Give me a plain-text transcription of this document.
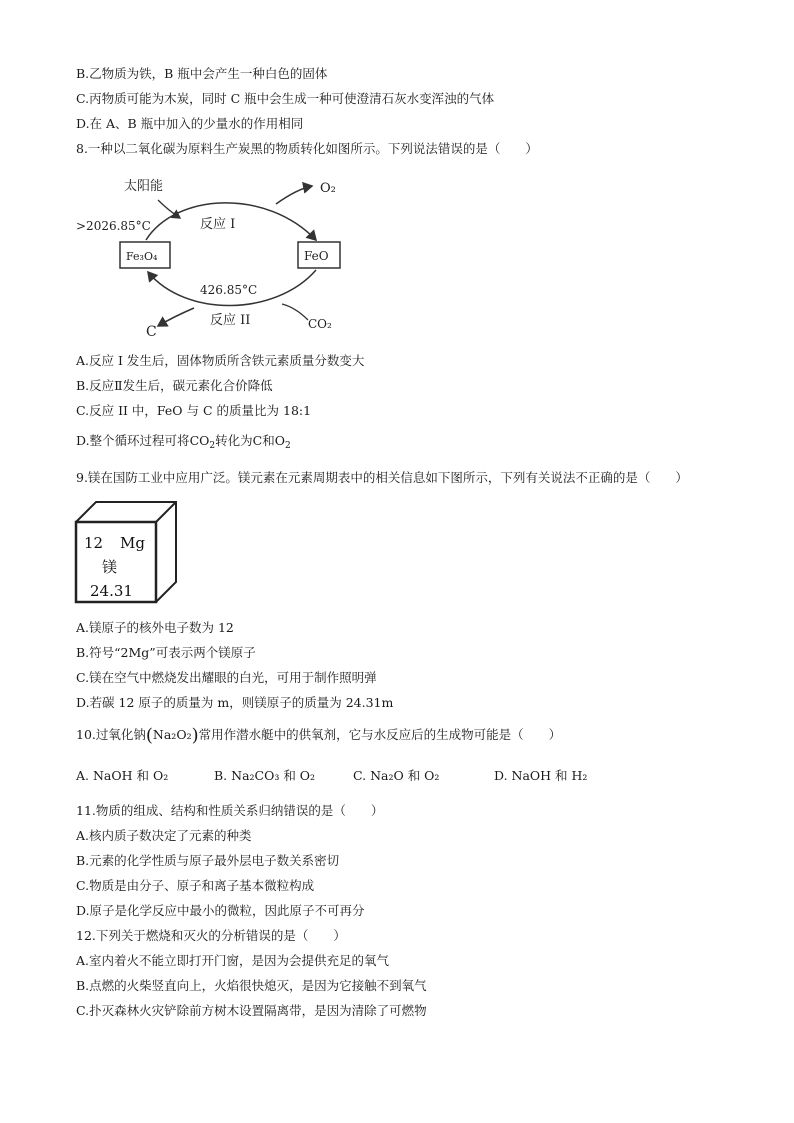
B.乙物质为铁，B 瓶中会产生一种白色的固体
C.丙物质可能为木炭，同时 C 瓶中会生成一种可使澄清石灰水变浑浊的气体
D.在 A、B 瓶中加入的少量水的作用相同
8.一种以二氧化碳为原料生产炭黑的物质转化如图所示。下列说法错误的是（　　）
太阳能
>2026.85°C	反应 I
O₂
Fe₃O₄	FeO
426.85°C
C
反应 II	CO₂
A.反应 I 发生后，固体物质所含铁元素质量分数变大
B.反应Ⅱ发生后，碳元素化合价降低
C.反应 II 中，FeO 与 C 的质量比为 18:1
D.整个循环过程可将$CO_2$转化为C和$O_2$
9.镁在国防工业中应用广泛。镁元素在元素周期表中的相关信息如下图所示，下列有关说法不正确的是（　　）
12 Mg
镁
24.31
A.镁原子的核外电子数为 12
B.符号“2Mg”可表示两个镁原子
C.镁在空气中燃烧发出耀眼的白光，可用于制作照明弹
D.若碳 12 原子的质量为 m，则镁原子的质量为 24.31m
10.过氧化钠(Na₂O₂)常用作潜水艇中的供氧剂，它与水反应后的生成物可能是（　　）
A. NaOH 和 O₂	B. Na₂CO₃ 和 O₂	C. Na₂O 和 O₂	D. NaOH 和 H₂
11.物质的组成、结构和性质关系归纳错误的是（　　）
A.核内质子数决定了元素的种类
B.元素的化学性质与原子最外层电子数关系密切
C.物质是由分子、原子和离子基本微粒构成
D.原子是化学反应中最小的微粒，因此原子不可再分
12.下列关于燃烧和灭火的分析错误的是（　　）
A.室内着火不能立即打开门窗，是因为会提供充足的氧气
B.点燃的火柴竖直向上，火焰很快熄灭，是因为它接触不到氧气
C.扑灭森林火灾铲除前方树木设置隔离带，是因为清除了可燃物
